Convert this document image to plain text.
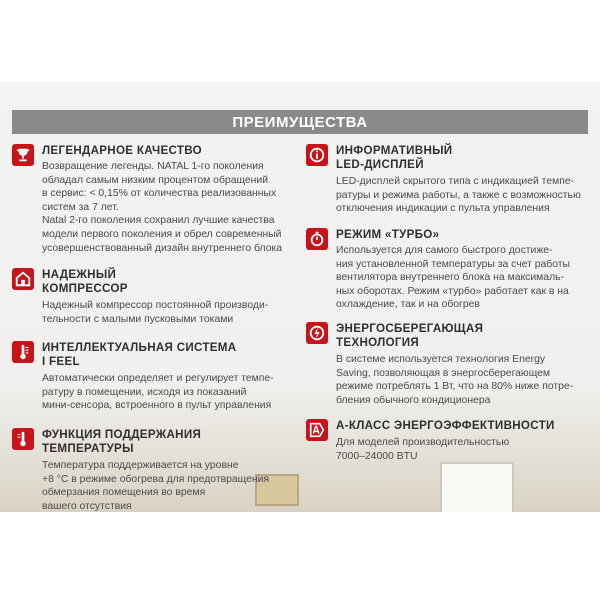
ПРЕИМУЩЕСТВА
ЛЕГЕНДАРНОЕ КАЧЕСТВО
Возвращение легенды. NATAL 1-го поколения
обладал самым низким процентом обращений
в сервис: < 0,15% от количества реализованных
систем за 7 лет.
Natal 2-го поколения сохранил лучшие качества
модели первого поколения и обрел современный
усовершенствованный дизайн внутреннего блока
НАДЕЖНЫЙ
КОМПРЕССОР
Надежный компрессор постоянной производи-
тельности с малыми пусковыми токами
ИНТЕЛЛЕКТУАЛЬНАЯ СИСТЕМА
I FEEL
Автоматически определяет и регулирует темпе-
ратуру в помещении, исходя из показаний
мини-сенсора, встроенного в пульт управления
ФУНКЦИЯ ПОДДЕРЖАНИЯ
ТЕМПЕРАТУРЫ
Температура поддерживается на уровне
+8 °С в режиме обогрева для предотвращения
обмерзания помещения во время
вашего отсутствия
ИНФОРМАТИВНЫЙ
LED-ДИСПЛЕЙ
LED-дисплей скрытого типа с индикацией темпе-
ратуры и режима работы, а также с возможностью
отключения индикации с пульта управления
РЕЖИМ «ТУРБО»
Используется для самого быстрого достиже-
ния установленной температуры за счет работы
вентилятора внутреннего блока на максималь-
ных оборотах. Режим «турбо» работает как в на
охлаждение, так и на обогрев
ЭНЕРГОСБЕРЕГАЮЩАЯ
ТЕХНОЛОГИЯ
В системе используется технология Energy
Saving, позволяющая в энергосберегающем
режиме потреблять 1 Вт, что на 80% ниже потре-
бления обычного кондиционера
А-КЛАСС ЭНЕРГОЭФФЕКТИВНОСТИ
Для моделей производительностью
7000–24000 BTU
